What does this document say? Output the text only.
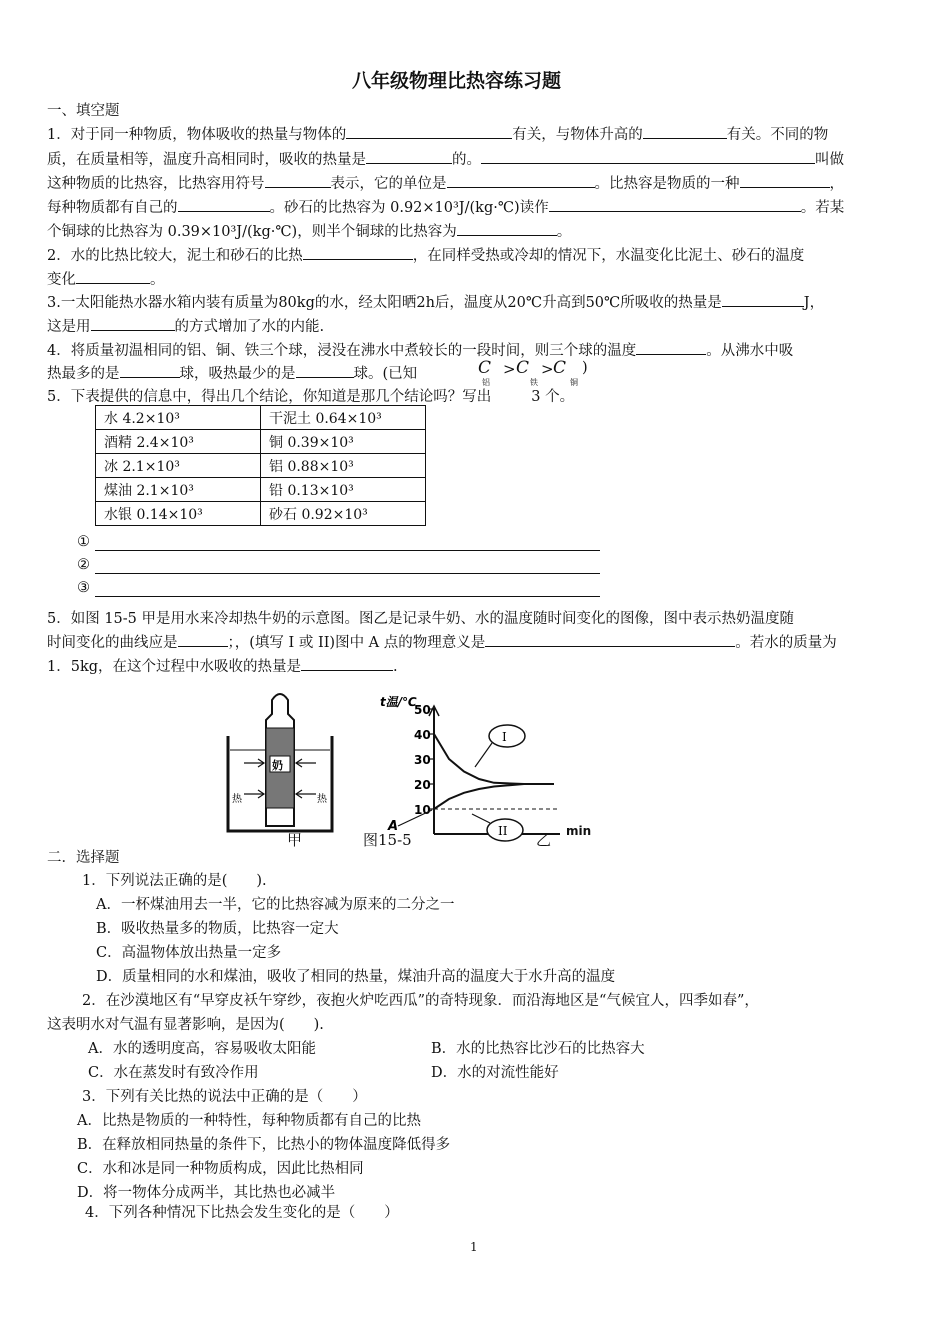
八年级物理比热容练习题
一、填空题
1．对于同一种物质，物体吸收的热量与物体的	有关，与物体升高的	有关。不同的物
质，在质量相等，温度升高相同时，吸收的热量是	的。	叫做
这种物质的比热容，比热容用符号	表示，它的单位是	。比热容是物质的一种	，
每种物质都有自己的	。砂石的比热容为 0.92×10³J/(kg·℃)读作	。若某
个铜球的比热容为 0.39×10³J/(kg·℃)，则半个铜球的比热容为	。
2．水的比热比较大，泥土和砂石的比热	，在同样受热或冷却的情况下，水温变化比泥土、砂石的温度
变化	。
3.一太阳能热水器水箱内装有质量为80kg的水，经太阳晒2h后，温度从20℃升高到50℃所吸收的热量是	J，
这是用	的方式增加了水的内能.
4．将质量初温相同的铝、铜、铁三个球，浸没在沸水中煮较长的一段时间，则三个球的温度	。从沸水中吸
热最多的是	球，吸热最少的是	球。(已知	C
铝
> C
铁
> C
铜
)
5．下表提供的信息中，得出几个结论，你知道是那几个结论吗？写出	3 个。
水 4.2×10³	干泥土 0.64×10³
酒精 2.4×10³	铜 0.39×10³
冰 2.1×10³	铝 0.88×10³
煤油 2.1×10³	铅 0.13×10³
水银 0.14×10³	砂石 0.92×10³
①
②
③
5．如图 15-5 甲是用水来冷却热牛奶的示意图。图乙是记录牛奶、水的温度随时间变化的图像，图中表示热奶温度随
时间变化的曲线应是	；，(填写 I 或 II)图中 A 点的物理意义是	。若水的质量为
1．5kg，在这个过程中水吸收的热量是	.
奶
热	热
10
20
30
40
50
t温/℃
I
II
A
甲	图15-5	乙 min
二．选择题
1．下列说法正确的是(　　).
A．一杯煤油用去一半，它的比热容减为原来的二分之一
B．吸收热量多的物质，比热容一定大
C．高温物体放出热量一定多
D．质量相同的水和煤油，吸收了相同的热量，煤油升高的温度大于水升高的温度
2．在沙漠地区有“早穿皮袄午穿纱，夜抱火炉吃西瓜”的奇特现象．而沿海地区是“气候宜人，四季如春”，
这表明水对气温有显著影响，是因为(　　).
A．水的透明度高，容易吸收太阳能	B．水的比热容比沙石的比热容大
C．水在蒸发时有致冷作用	D．水的对流性能好
3．下列有关比热的说法中正确的是（　　）
A．比热是物质的一种特性，每种物质都有自己的比热
B．在释放相同热量的条件下，比热小的物体温度降低得多
C．水和冰是同一种物质构成，因此比热相同
D．将一物体分成两半，其比热也必减半
4．下列各种情况下比热会发生变化的是（　　）
1
